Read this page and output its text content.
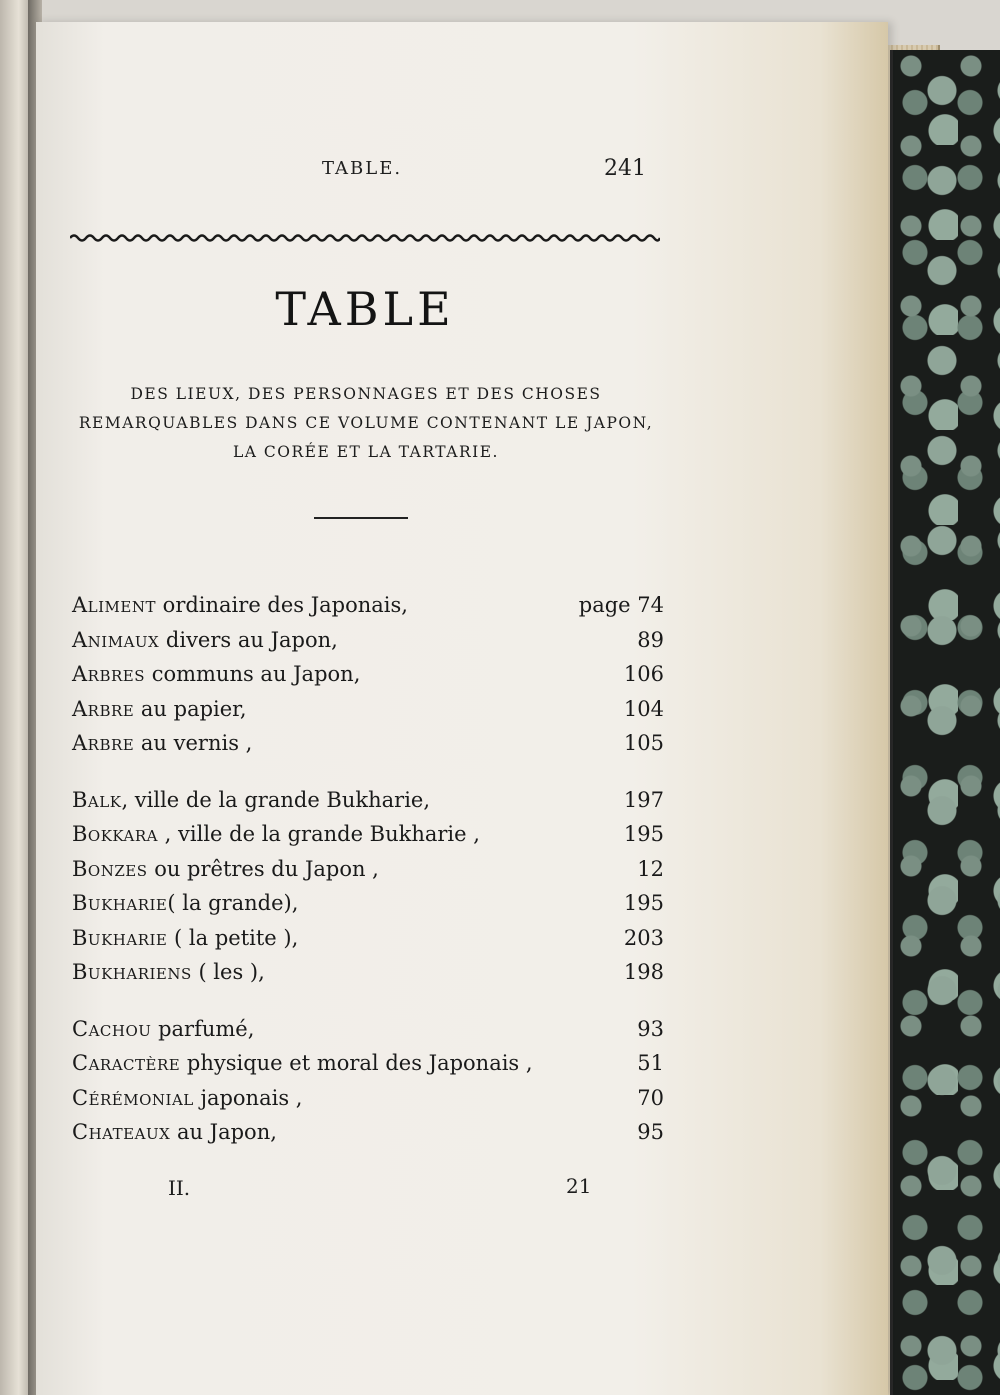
TABLE.	241
TABLE
DES LIEUX, DES PERSONNAGES ET DES CHOSES REMARQUABLES DANS CE VOLUME CONTENANT LE JAPON, LA CORÉE ET LA TARTARIE.
Aliment ordinaire des Japonais,	page 74
Animaux divers au Japon,	89
Arbres communs au Japon,	106
Arbre au papier,	104
Arbre au vernis ,	105
Balk, ville de la grande Bukharie,	197
Bokkara , ville de la grande Bukharie ,	195
Bonzes ou prêtres du Japon ,	12
Bukharie( la grande),	195
Bukharie ( la petite ),	203
Bukhariens ( les ),	198
Cachou parfumé,	93
Caractère physique et moral des Japonais ,	51
Cérémonial japonais ,	70
Chateaux au Japon,	95
II.	21
